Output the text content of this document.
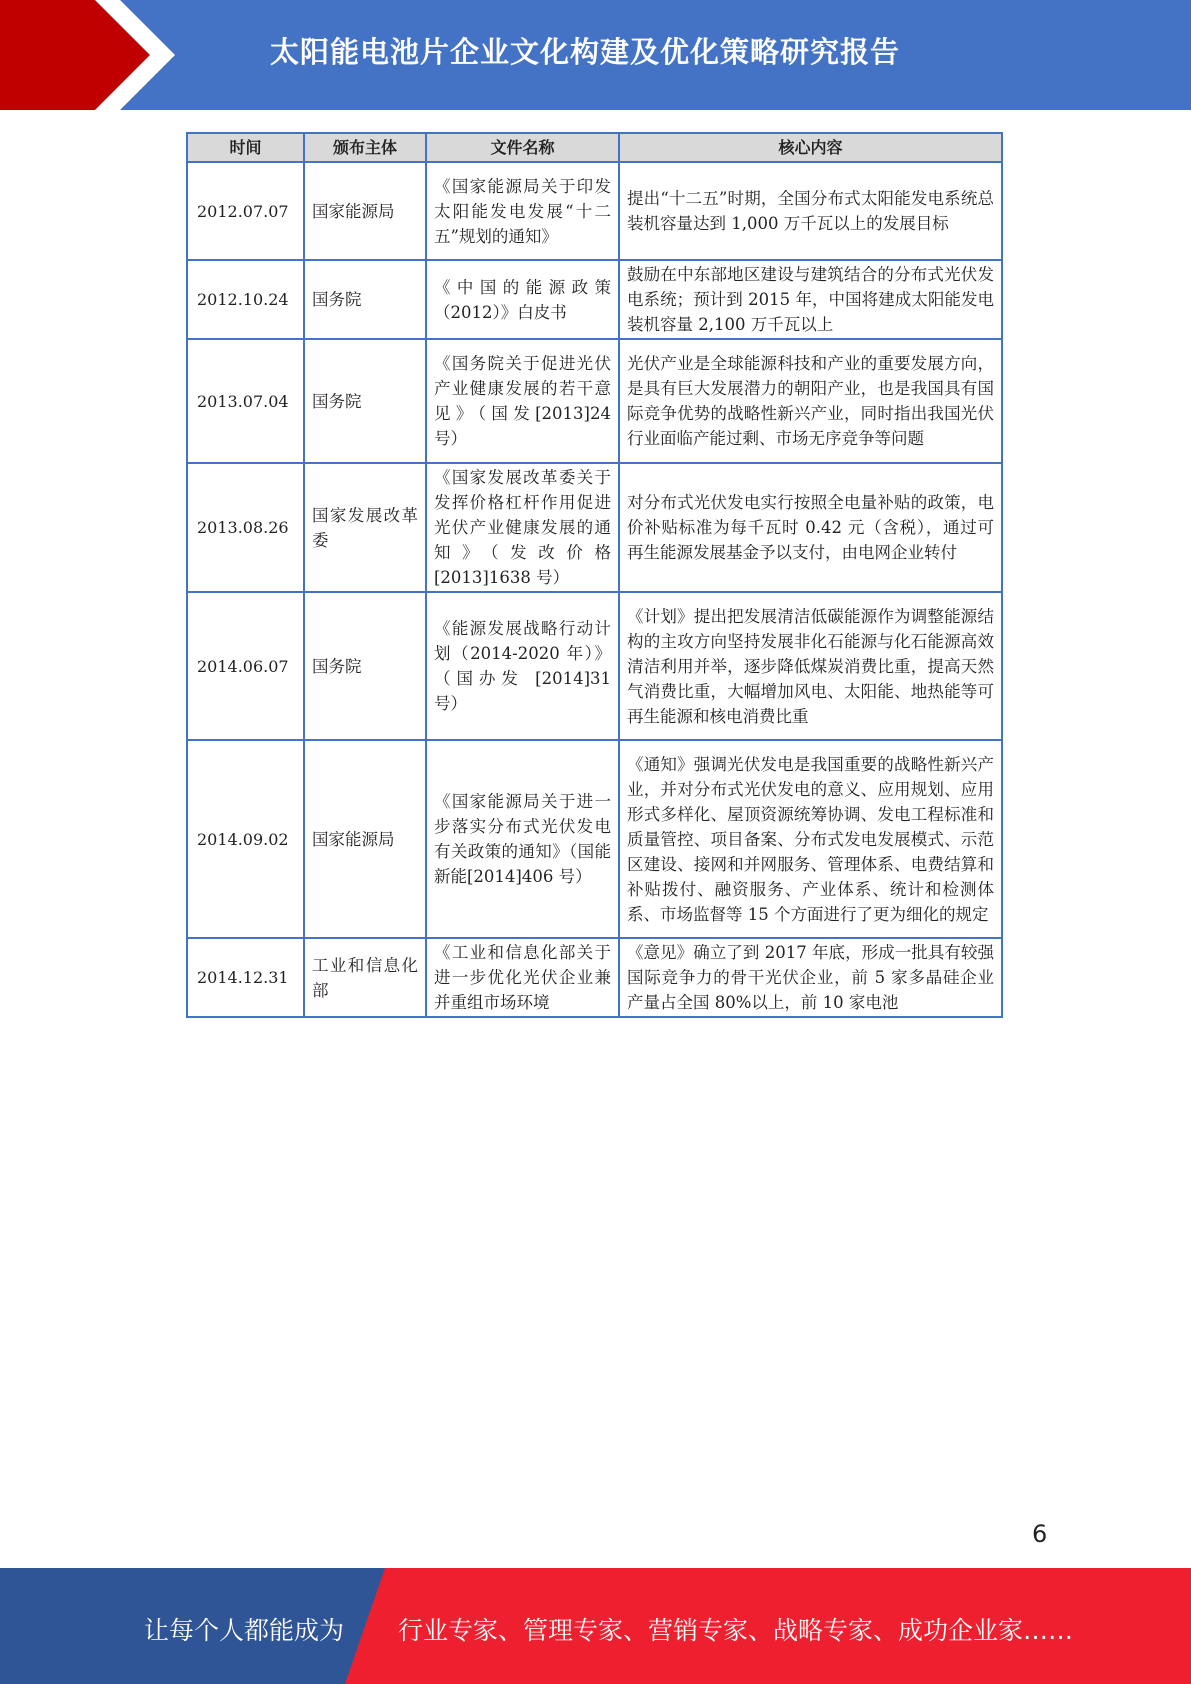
太阳能电池片企业文化构建及优化策略研究报告
时间	颁布主体	文件名称	核心内容
2012.07.07	国家能源局	《国家能源局关于印发太阳能发电发展“十二五”规划的通知》	提出“十二五”时期，全国分布式太阳能发电系统总装机容量达到 1,000 万千瓦以上的发展目标
2012.10.24	国务院	《中国的能源政策（2012）》白皮书	鼓励在中东部地区建设与建筑结合的分布式光伏发电系统；预计到 2015 年，中国将建成太阳能发电装机容量 2,100 万千瓦以上
2013.07.04	国务院	《国务院关于促进光伏产业健康发展的若干意见》（国发[2013]24 号）	光伏产业是全球能源科技和产业的重要发展方向，是具有巨大发展潜力的朝阳产业，也是我国具有国际竞争优势的战略性新兴产业，同时指出我国光伏行业面临产能过剩、市场无序竞争等问题
2013.08.26	国家发展改革委	《国家发展改革委关于发挥价格杠杆作用促进光伏产业健康发展的通知》（发改价格[2013]1638 号）	对分布式光伏发电实行按照全电量补贴的政策，电价补贴标准为每千瓦时 0.42 元（含税），通过可再生能源发展基金予以支付，由电网企业转付
2014.06.07	国务院	《能源发展战略行动计划（2014-2020 年）》（国办发 [2014]31 号）	《计划》提出把发展清洁低碳能源作为调整能源结构的主攻方向坚持发展非化石能源与化石能源高效清洁利用并举，逐步降低煤炭消费比重，提高天然气消费比重，大幅增加风电、太阳能、地热能等可再生能源和核电消费比重
2014.09.02	国家能源局	《国家能源局关于进一步落实分布式光伏发电有关政策的通知》（国能新能[2014]406 号）	《通知》强调光伏发电是我国重要的战略性新兴产业，并对分布式光伏发电的意义、应用规划、应用形式多样化、屋顶资源统筹协调、发电工程标准和质量管控、项目备案、分布式发电发展模式、示范区建设、接网和并网服务、管理体系、电费结算和补贴拨付、融资服务、产业体系、统计和检测体系、市场监督等 15 个方面进行了更为细化的规定
2014.12.31	工业和信息化部	《工业和信息化部关于进一步优化光伏企业兼并重组市场环境	《意见》确立了到 2017 年底，形成一批具有较强国际竞争力的骨干光伏企业，前 5 家多晶硅企业产量占全国 80%以上，前 10 家电池
6
让每个人都能成为 行业专家、管理专家、营销专家、战略专家、成功企业家……
